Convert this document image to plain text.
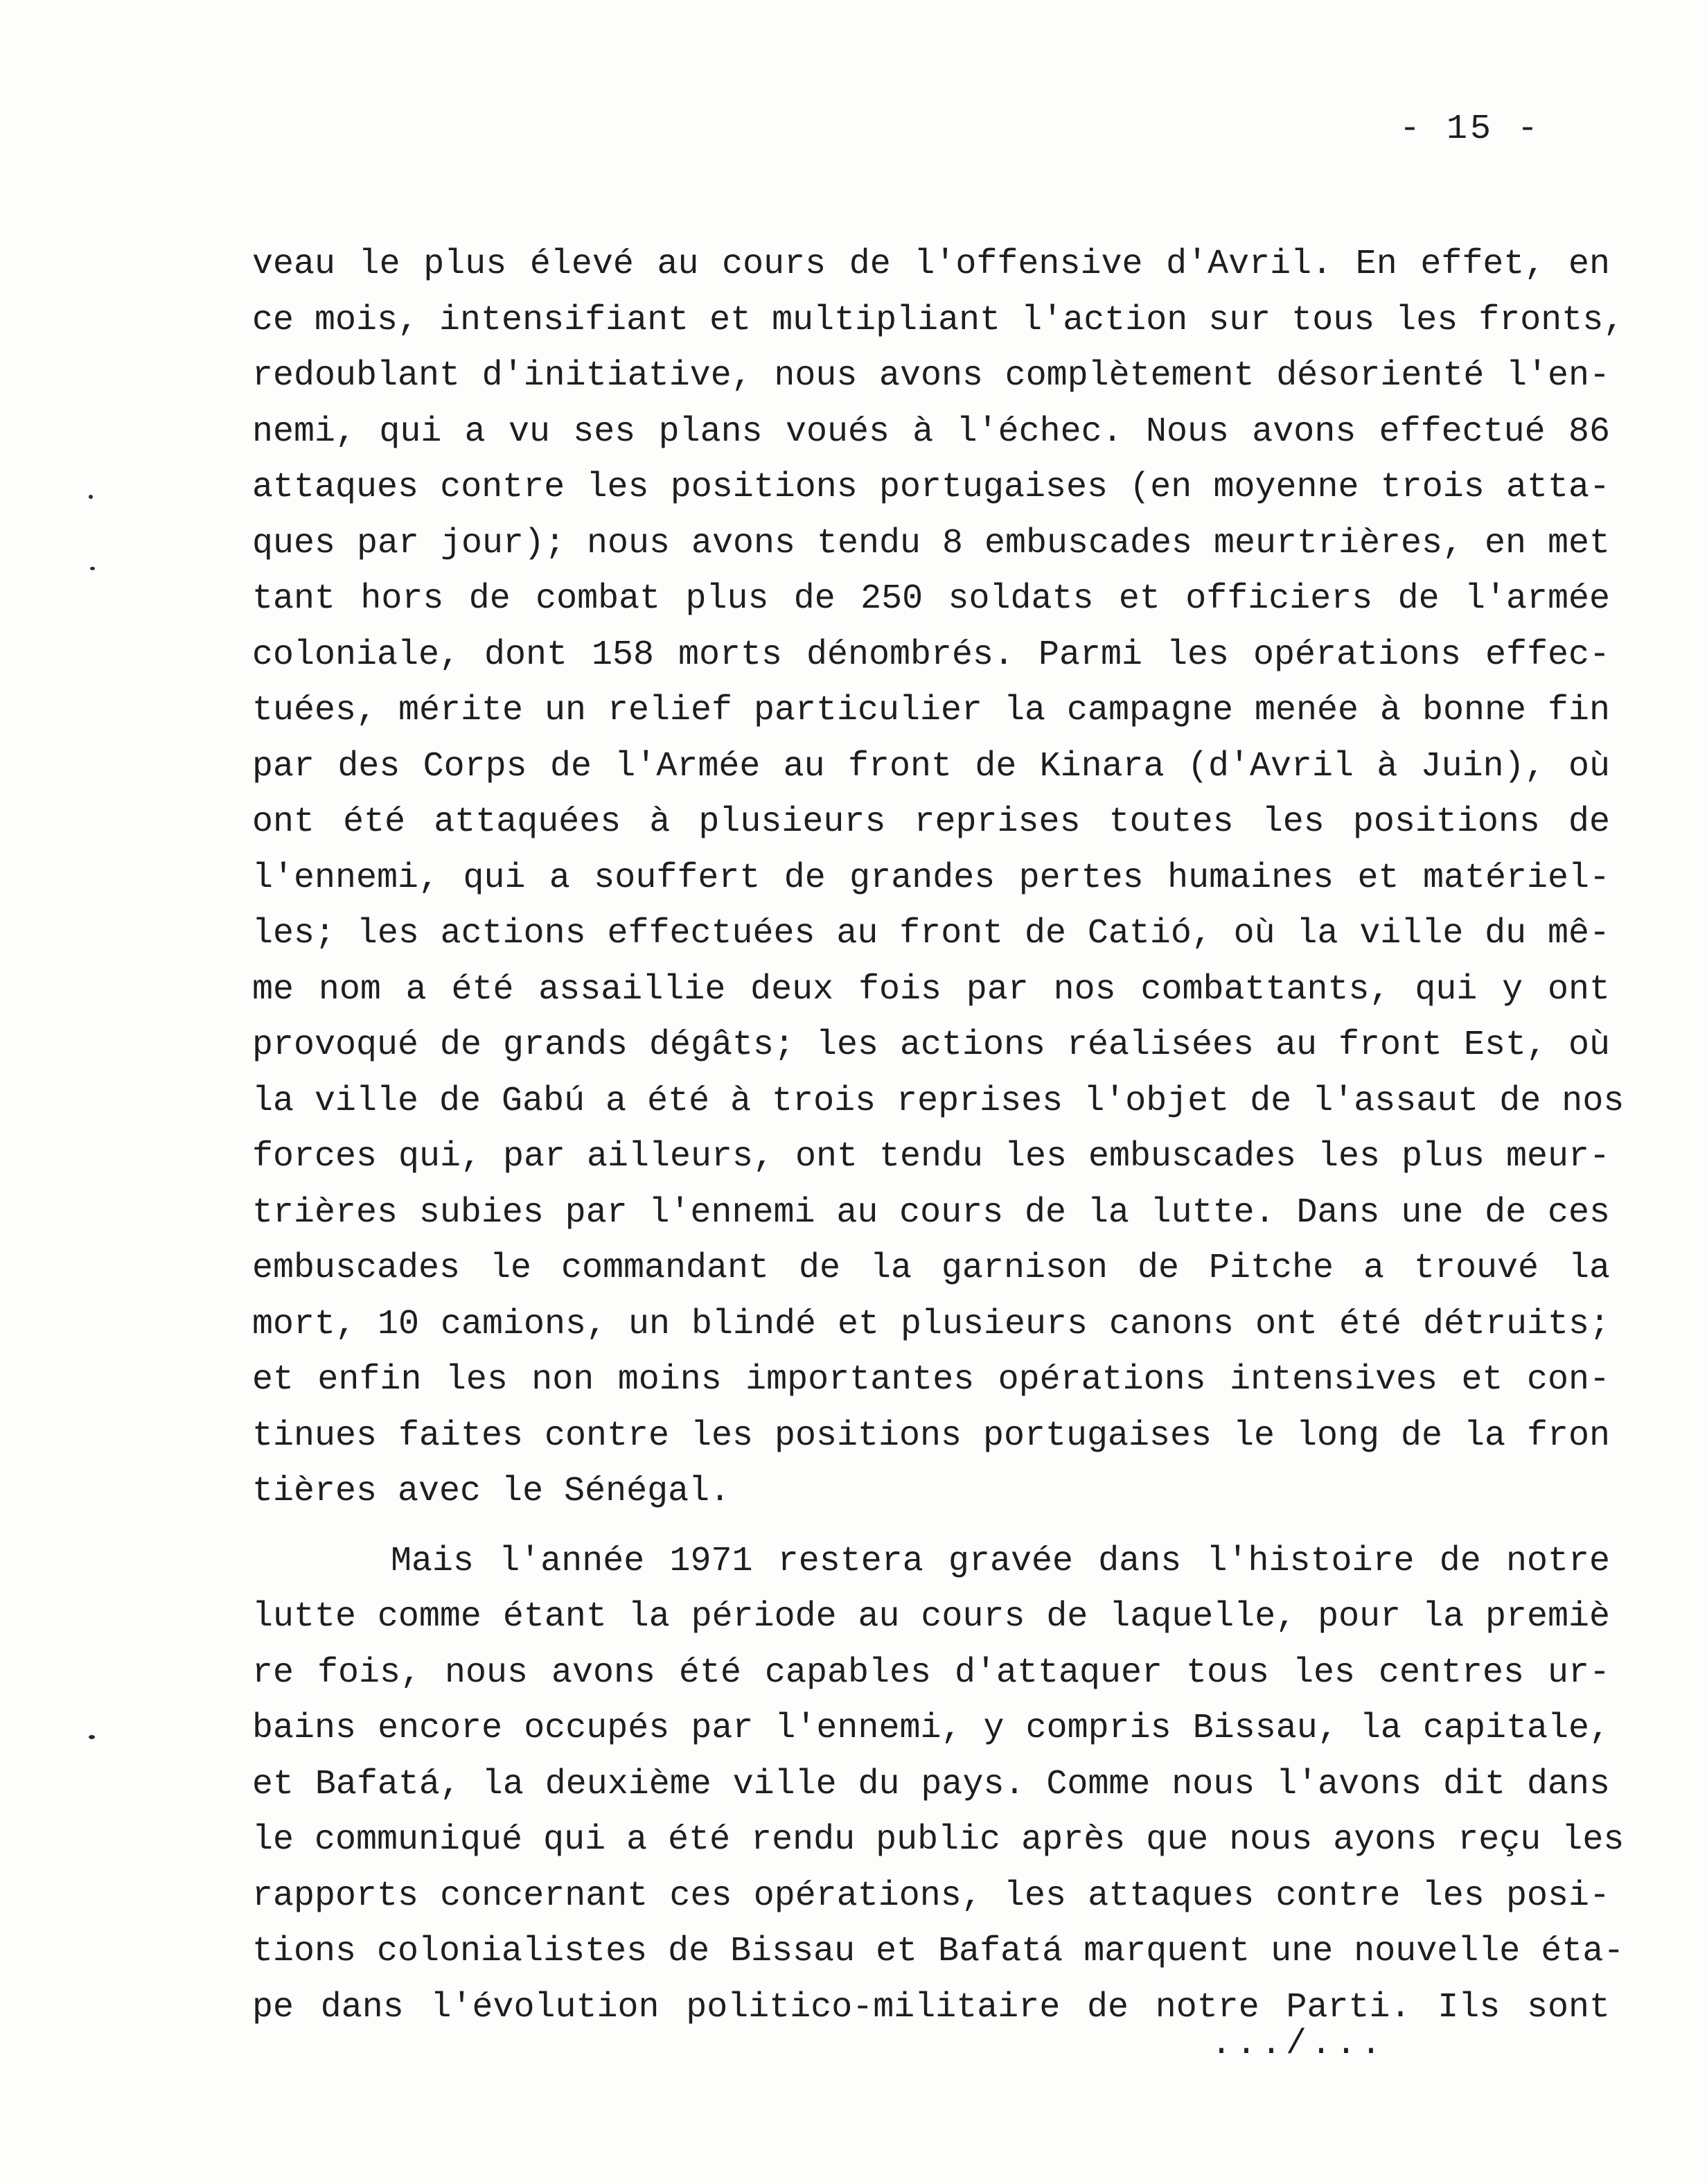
- 15 -
veau le plus élevé au cours de l'offensive d'Avril. En effet, en
ce mois, intensifiant et multipliant l'action sur tous les fronts,
redoublant d'initiative, nous avons complètement désorienté l'en-
nemi, qui a vu ses plans voués à l'échec. Nous avons effectué 86
attaques contre les positions portugaises (en moyenne trois atta-
ques par jour); nous avons tendu 8 embuscades meurtrières, en met
tant hors de combat plus de 250 soldats et officiers de l'armée
coloniale, dont 158 morts dénombrés. Parmi les opérations effec-
tuées, mérite un relief particulier la campagne menée à bonne fin
par des Corps de l'Armée au front de Kinara (d'Avril à Juin), où
ont été attaquées à plusieurs reprises toutes les positions de
l'ennemi, qui a souffert de grandes pertes humaines et matériel-
les; les actions effectuées au front de Catió, où la ville du mê-
me nom a été assaillie deux fois par nos combattants, qui y ont
provoqué de grands dégâts; les actions réalisées au front Est, où
la ville de Gabú a été à trois reprises l'objet de l'assaut de nos
forces qui, par ailleurs, ont tendu les embuscades les plus meur-
trières subies par l'ennemi au cours de la lutte. Dans une de ces
embuscades le commandant de la garnison de Pitche a trouvé la
mort, 10 camions, un blindé et plusieurs canons ont été détruits;
et enfin les non moins importantes opérations intensives et con-
tinues faites contre les positions portugaises le long de la fron
tières avec le Sénégal.
Mais l'année 1971 restera gravée dans l'histoire de notre
lutte comme étant la période au cours de laquelle, pour la premiè
re fois, nous avons été capables d'attaquer tous les centres ur-
bains encore occupés par l'ennemi, y compris Bissau, la capitale,
et Bafatá, la deuxième ville du pays. Comme nous l'avons dit dans
le communiqué qui a été rendu public après que nous ayons reçu les
rapports concernant ces opérations, les attaques contre les posi-
tions colonialistes de Bissau et Bafatá marquent une nouvelle éta-
pe dans l'évolution politico-militaire de notre Parti. Ils sont
.../...
